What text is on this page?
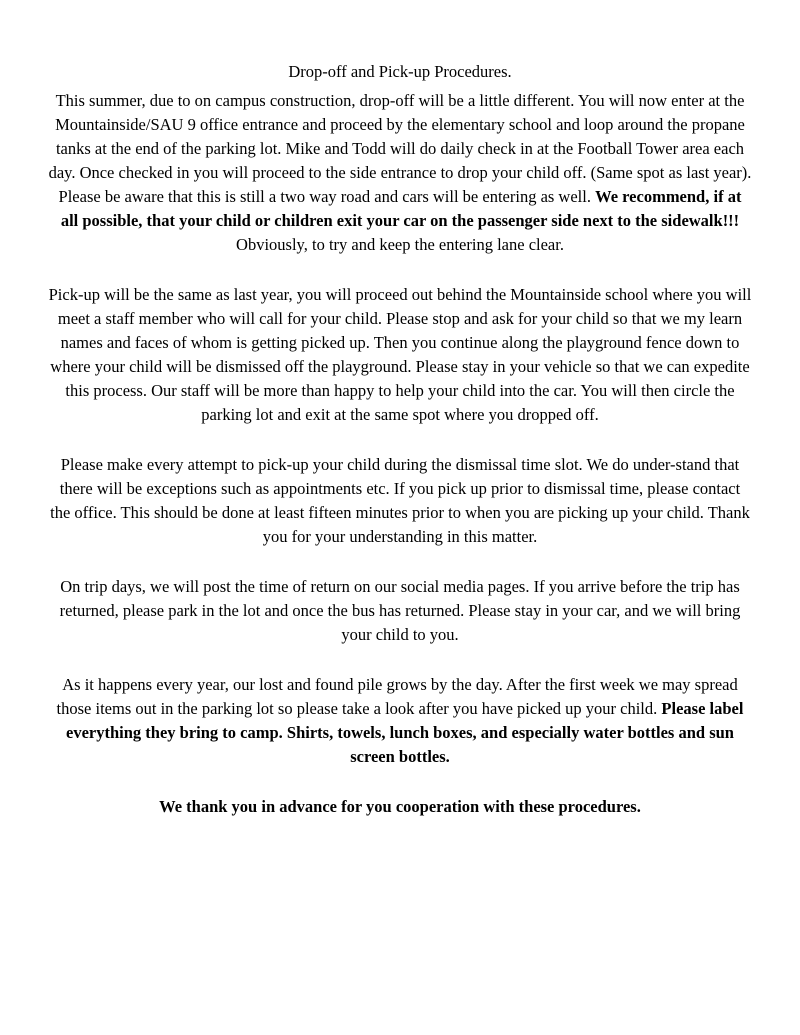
Drop-off and Pick-up Procedures.

This summer, due to on campus construction, drop-off will be a little different. You will now enter at the Mountainside/SAU 9 office entrance and proceed by the elementary school and loop around the propane tanks at the end of the parking lot. Mike and Todd will do daily check in at the Football Tower area each day. Once checked in you will proceed to the side entrance to drop your child off. (Same spot as last year). Please be aware that this is still a two way road and cars will be entering as well. We recommend, if at all possible, that your child or children exit your car on the passenger side next to the sidewalk!!! Obviously, to try and keep the entering lane clear.

Pick-up will be the same as last year, you will proceed out behind the Mountainside school where you will meet a staff member who will call for your child. Please stop and ask for your child so that we my learn names and faces of whom is getting picked up. Then you continue along the playground fence down to where your child will be dismissed off the playground. Please stay in your vehicle so that we can expedite this process. Our staff will be more than happy to help your child into the car. You will then circle the parking lot and exit at the same spot where you dropped off.

Please make every attempt to pick-up your child during the dismissal time slot. We do under-stand that there will be exceptions such as appointments etc. If you pick up prior to dismissal time, please contact the office. This should be done at least fifteen minutes prior to when you are picking up your child. Thank you for your understanding in this matter.

On trip days, we will post the time of return on our social media pages. If you arrive before the trip has returned, please park in the lot and once the bus has returned. Please stay in your car, and we will bring your child to you.

As it happens every year, our lost and found pile grows by the day. After the first week we may spread those items out in the parking lot so please take a look after you have picked up your child. Please label everything they bring to camp. Shirts, towels, lunch boxes, and especially water bottles and sun screen bottles.

We thank you in advance for you cooperation with these procedures.
